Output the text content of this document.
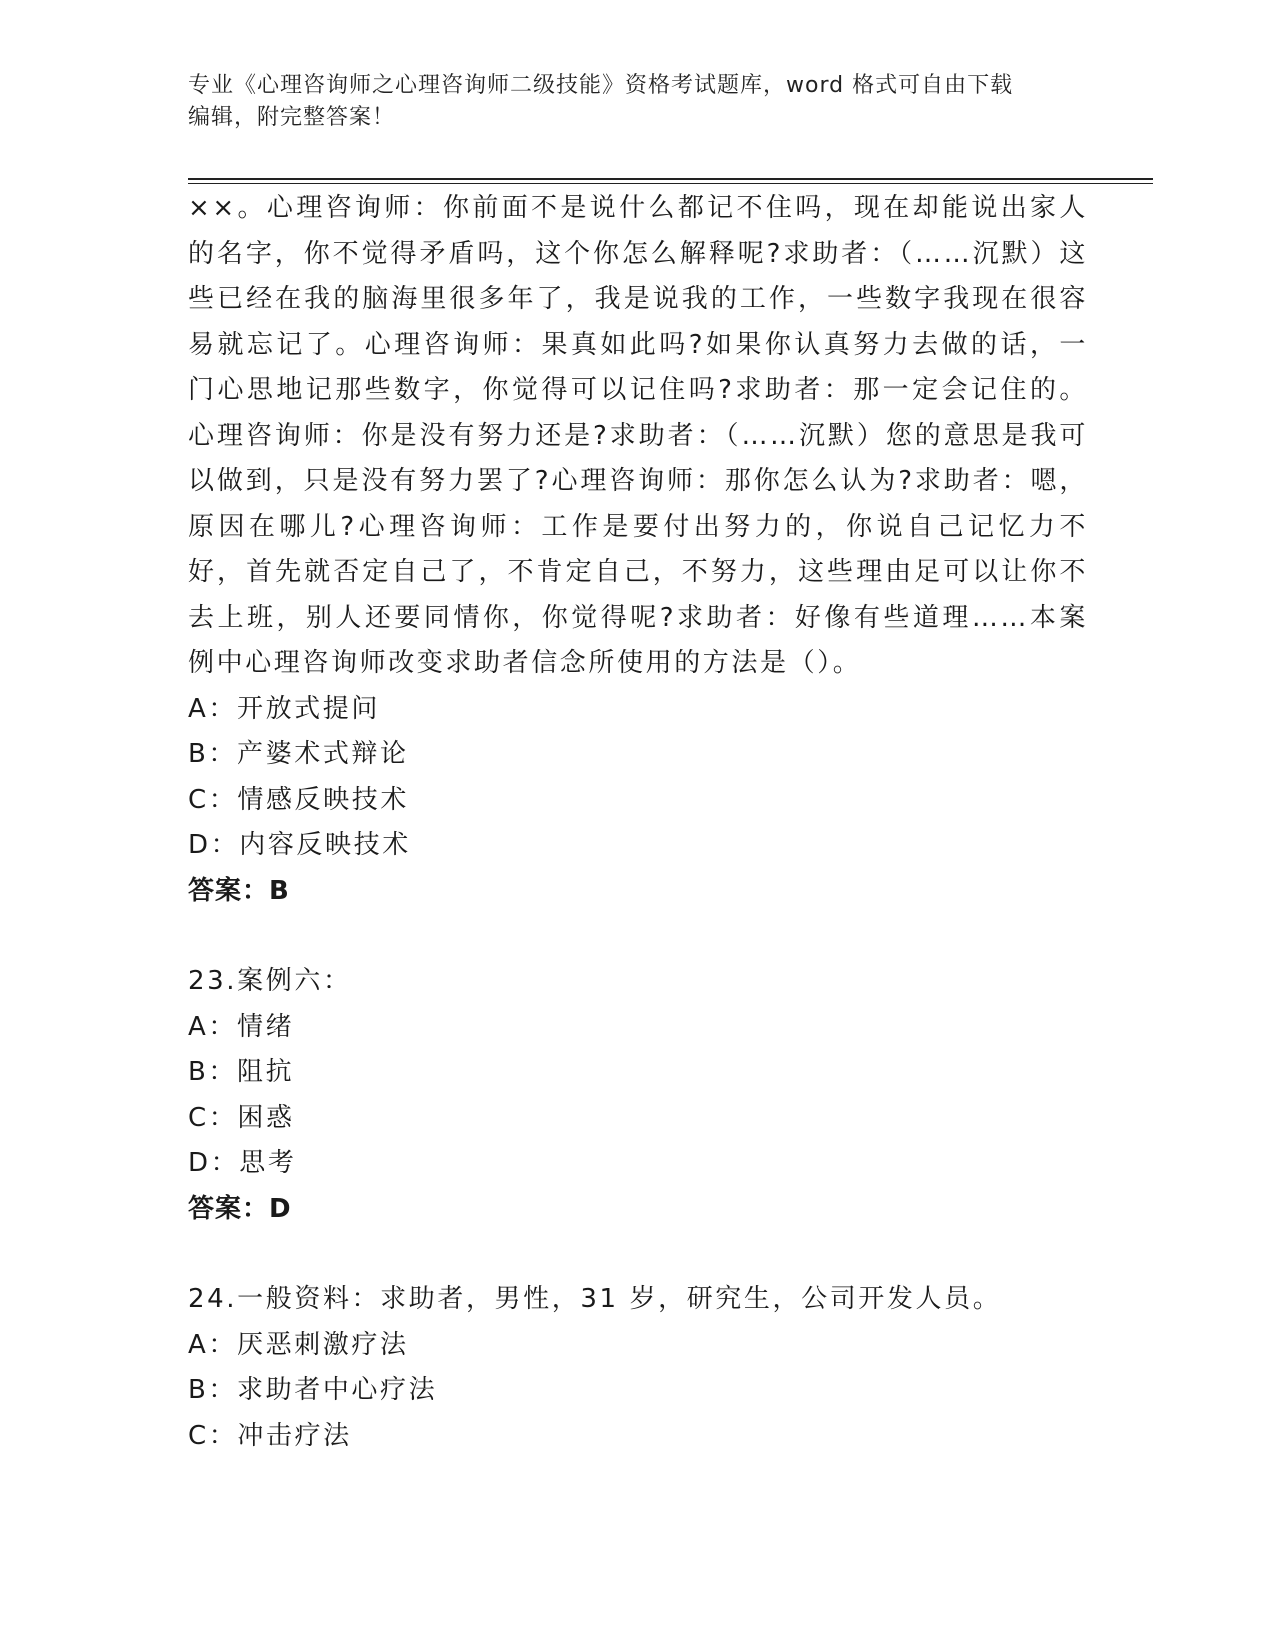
专业《心理咨询师之心理咨询师二级技能》资格考试题库，word 格式可自由下载
编辑，附完整答案！

××。心理咨询师：你前面不是说什么都记不住吗，现在却能说出家人的名字，你不觉得矛盾吗，这个你怎么解释呢?求助者：（……沉默）这些已经在我的脑海里很多年了，我是说我的工作，一些数字我现在很容易就忘记了。心理咨询师：果真如此吗?如果你认真努力去做的话，一门心思地记那些数字，你觉得可以记住吗?求助者：那一定会记住的。心理咨询师：你是没有努力还是?求助者：（……沉默）您的意思是我可以做到，只是没有努力罢了?心理咨询师：那你怎么认为?求助者：嗯，原因在哪儿?心理咨询师：工作是要付出努力的，你说自己记忆力不好，首先就否定自己了，不肯定自己，不努力，这些理由足可以让你不去上班，别人还要同情你，你觉得呢?求助者：好像有些道理……本案例中心理咨询师改变求助者信念所使用的方法是（）。

A：开放式提问

B：产婆术式辩论

C：情感反映技术

D：内容反映技术

答案：B

23.案例六：

A：情绪

B：阻抗

C：困惑

D：思考

答案：D

24.一般资料：求助者，男性，31 岁，研究生，公司开发人员。

A：厌恶刺激疗法

B：求助者中心疗法

C：冲击疗法
